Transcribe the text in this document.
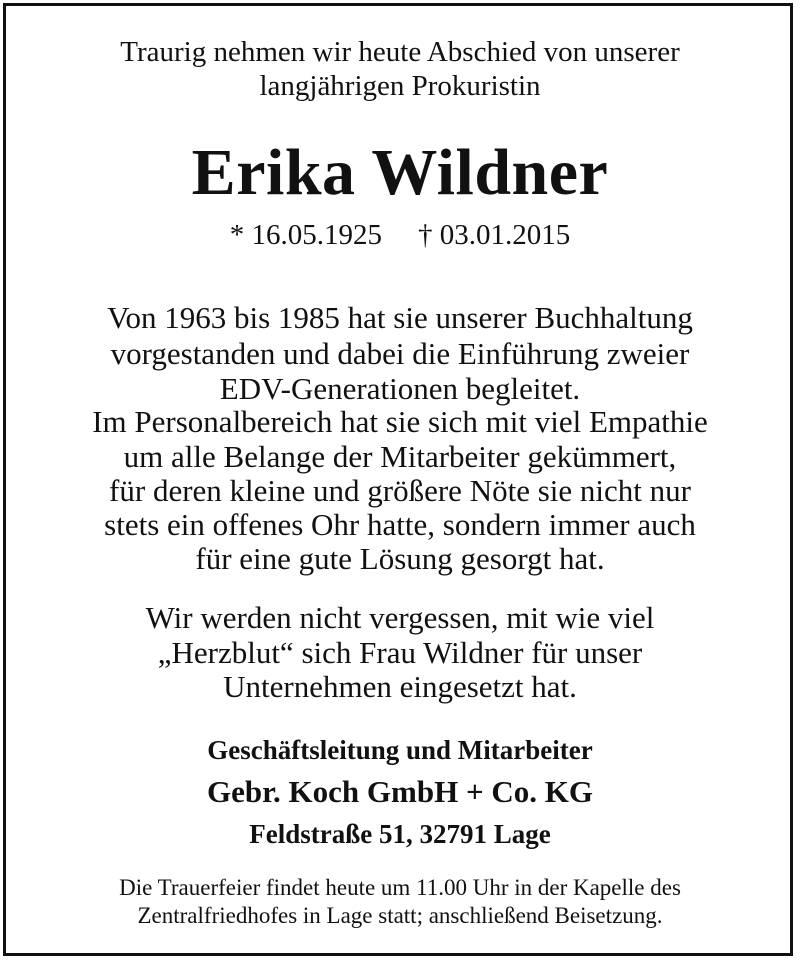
Traurig nehmen wir heute Abschied von unserer
langjährigen Prokuristin
Erika Wildner
* 16.05.1925 † 03.01.2015
Von 1963 bis 1985 hat sie unserer Buchhaltung
vorgestanden und dabei die Einführung zweier
EDV-Generationen begleitet.
Im Personalbereich hat sie sich mit viel Empathie
um alle Belange der Mitarbeiter gekümmert,
für deren kleine und größere Nöte sie nicht nur
stets ein offenes Ohr hatte, sondern immer auch
für eine gute Lösung gesorgt hat.
Wir werden nicht vergessen, mit wie viel
„Herzblut“ sich Frau Wildner für unser
Unternehmen eingesetzt hat.
Geschäftsleitung und Mitarbeiter
Gebr. Koch GmbH + Co. KG
Feldstraße 51, 32791 Lage
Die Trauerfeier findet heute um 11.00 Uhr in der Kapelle des
Zentralfriedhofes in Lage statt; anschließend Beisetzung.
